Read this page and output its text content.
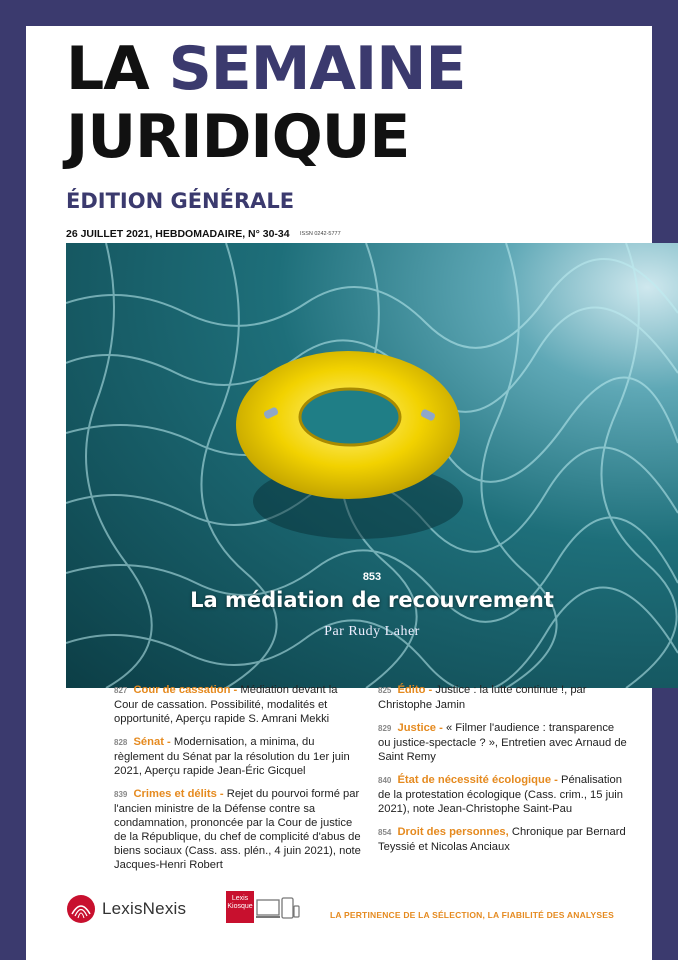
LA SEMAINE
JURIDIQUE
ÉDITION GÉNÉRALE
26 JUILLET 2021, HEBDOMADAIRE, N° 30-34 ISSN 0242-5777
853
La médiation de recouvrement
Par Rudy Laher
827 Cour de cassation - Médiation devant la Cour de cassation. Possibilité, modalités et opportunité, Aperçu rapide S. Amrani Mekki
828 Sénat - Modernisation, a minima, du règlement du Sénat par la résolution du 1er juin 2021, Aperçu rapide Jean-Éric Gicquel
839 Crimes et délits - Rejet du pourvoi formé par l'ancien ministre de la Défense contre sa condamnation, prononcée par la Cour de justice de la République, du chef de complicité d'abus de biens sociaux (Cass. ass. plén., 4 juin 2021), note Jacques-Henri Robert
825 Édito - Justice : la lutte continue !, par Christophe Jamin
829 Justice - « Filmer l'audience : transparence ou justice-spectacle ? », Entretien avec Arnaud de Saint Remy
840 État de nécessité écologique - Pénalisation de la protestation écologique (Cass. crim., 15 juin 2021), note Jean-Christophe Saint-Pau
854 Droit des personnes, Chronique par Bernard Teyssié et Nicolas Anciaux
LexisNexis
Lexis
Kiosque
LA PERTINENCE DE LA SÉLECTION, LA FIABILITÉ DES ANALYSES
